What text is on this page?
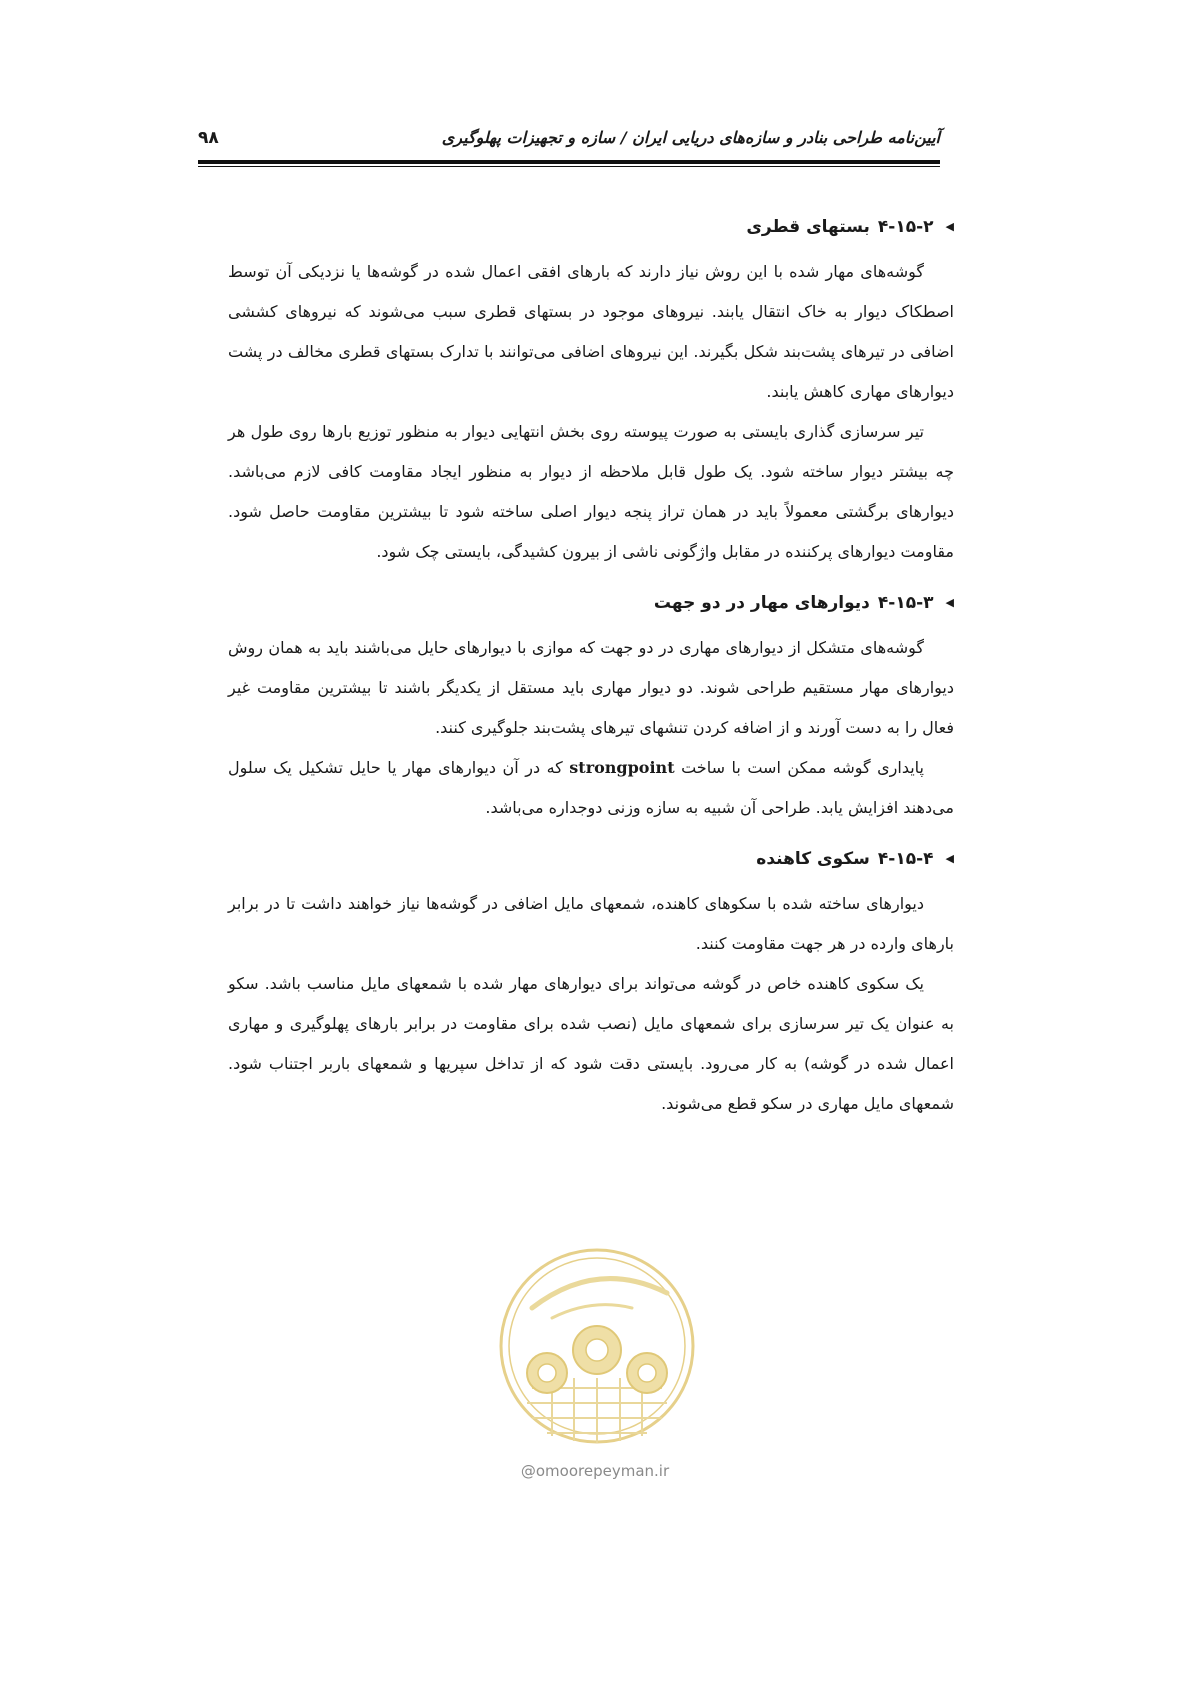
آیین‌نامه طراحی بنادر و سازه‌های دریایی ایران / سازه و تجهیزات پهلوگیری
۹۸
◀
۴-۱۵-۲
بستهای قطری

گوشه‌های مهار شده با این روش نیاز دارند که بارهای افقی اعمال شده در گوشه‌ها یا نزدیکی آن توسط اصطکاک دیوار به خاک انتقال یابند. نیروهای موجود در بستهای قطری سبب می‌شوند که نیروهای کششی اضافی در تیرهای پشت‌بند شکل بگیرند. این نیروهای اضافی می‌توانند با تدارک بستهای قطری مخالف در پشت دیوارهای مهاری کاهش یابند.

تیر سرسازی گذاری بایستی به صورت پیوسته روی بخش انتهایی دیوار به منظور توزیع بارها روی طول هر چه بیشتر دیوار ساخته شود. یک طول قابل ملاحظه از دیوار به منظور ایجاد مقاومت کافی لازم می‌باشد. دیوارهای برگشتی معمولاً باید در همان تراز پنجه دیوار اصلی ساخته شود تا بیشترین مقاومت حاصل شود. مقاومت دیوارهای پرکننده در مقابل واژگونی ناشی از بیرون کشیدگی، بایستی چک شود.

◀
۴-۱۵-۳
دیوارهای مهار در دو جهت

گوشه‌های متشکل از دیوارهای مهاری در دو جهت که موازی با دیوارهای حایل می‌باشند باید به همان روش دیوارهای مهار مستقیم طراحی شوند. دو دیوار مهاری باید مستقل از یکدیگر باشند تا بیشترین مقاومت غیر فعال را به دست آورند و از اضافه کردن تنشهای تیرهای پشت‌بند جلوگیری کنند.

پایداری گوشه ممکن است با ساخت strongpoint که در آن دیوارهای مهار یا حایل تشکیل یک سلول می‌دهند افزایش یابد. طراحی آن شبیه به سازه وزنی دوجداره می‌باشد.

◀
۴-۱۵-۴
سکوی کاهنده

دیوارهای ساخته شده با سکوهای کاهنده، شمعهای مایل اضافی در گوشه‌ها نیاز خواهند داشت تا در برابر بارهای وارده در هر جهت مقاومت کنند.

یک سکوی کاهنده خاص در گوشه می‌تواند برای دیوارهای مهار شده با شمعهای مایل مناسب باشد. سکو به عنوان یک تیر سرسازی برای شمعهای مایل (نصب شده برای مقاومت در برابر بارهای پهلوگیری و مهاری اعمال شده در گوشه) به کار می‌رود. بایستی دقت شود که از تداخل سپریها و شمعهای باربر اجتناب شود. شمعهای مایل مهاری در سکو قطع می‌شوند.

@omoorepeyman.ir
